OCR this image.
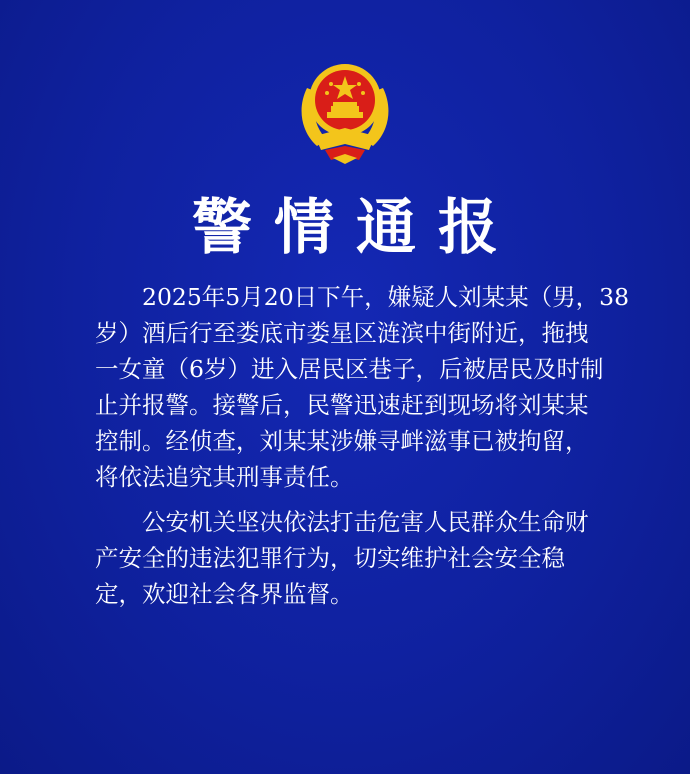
警情通报
2025年5月20日下午，嫌疑人刘某某（男，38
岁）酒后行至娄底市娄星区涟滨中街附近，拖拽
一女童（6岁）进入居民区巷子，后被居民及时制
止并报警。接警后，民警迅速赶到现场将刘某某
控制。经侦查，刘某某涉嫌寻衅滋事已被拘留，
将依法追究其刑事责任。
公安机关坚决依法打击危害人民群众生命财
产安全的违法犯罪行为，切实维护社会安全稳
定，欢迎社会各界监督。
